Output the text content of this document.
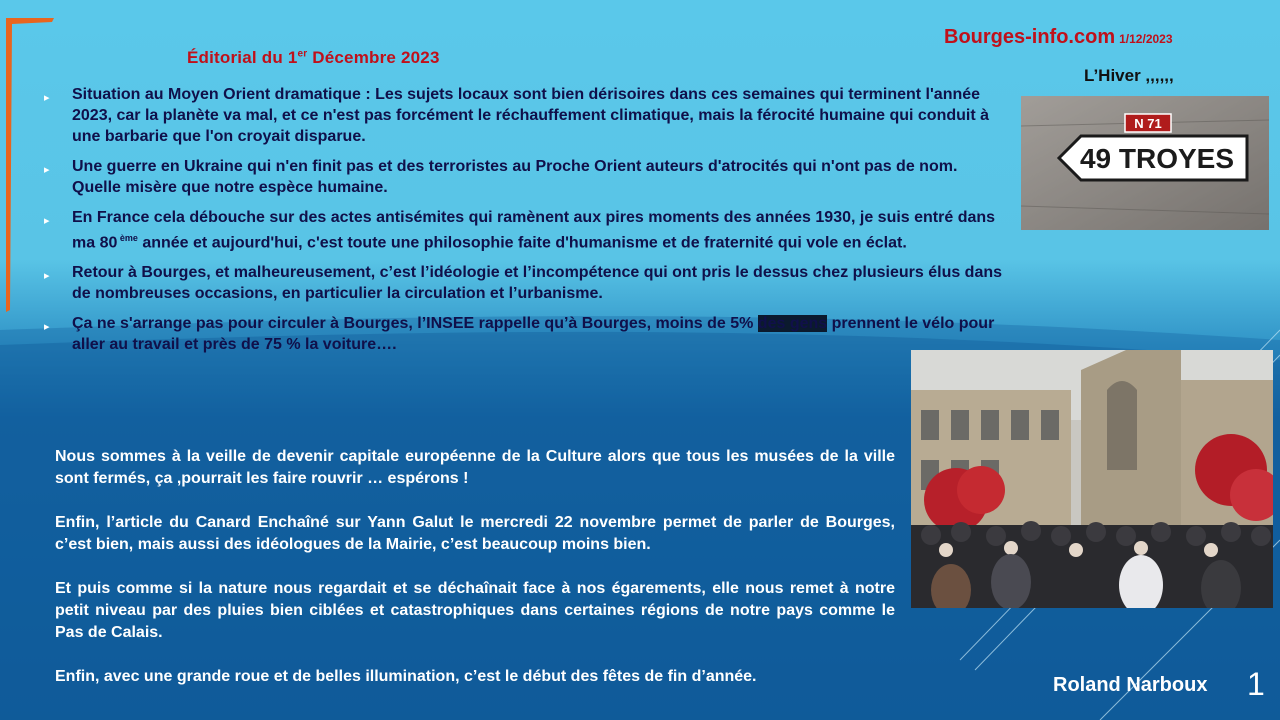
Éditorial du 1er Décembre 2023
Bourges-info.com 1/12/2023
L’Hiver ,,,,,,
▸ Situation au Moyen Orient dramatique : Les sujets locaux sont bien dérisoires dans ces semaines qui terminent l'année 2023, car la planète va mal, et ce n'est pas forcément le réchauffement climatique, mais la férocité humaine qui conduit à une barbarie que l'on croyait disparue.
▸ Une guerre en Ukraine qui n'en finit pas et des terroristes au Proche Orient auteurs d'atrocités qui n'ont pas de nom. Quelle misère que notre espèce humaine.
▸ En France cela débouche sur des actes antisémites qui ramènent aux pires moments des années 1930, je suis entré dans ma 80 $^{ème}$ année et aujourd'hui, c'est toute une philosophie faite d'humanisme et de fraternité qui vole en éclat.
▸ Retour à Bourges, et malheureusement, c’est l’idéologie et l’incompétence qui ont pris le dessus chez plusieurs élus dans de nombreuses occasions, en particulier la circulation et l’urbanisme.
▸ Ça ne s'arrange pas pour circuler à Bourges, l’INSEE rappelle qu’à Bourges, moins de 5% des gens prennent le vélo pour aller au travail et près de 75 % la voiture….

Nous sommes à la veille de devenir capitale européenne de la Culture alors que tous les musées de la ville sont fermés, ça ,pourrait les faire rouvrir … espérons !

Enfin, l’article du Canard Enchaîné sur Yann Galut le mercredi 22 novembre permet de parler de Bourges, c’est bien, mais aussi des idéologues de la Mairie, c’est beaucoup moins bien.

Et puis comme si la nature nous regardait et se déchaînait face à nos égarements, elle nous remet à notre petit niveau par des pluies bien ciblées et catastrophiques dans certaines régions de notre pays comme le Pas de Calais.

Enfin, avec une grande roue et de belles illumination, c’est le début des fêtes de fin d’année.

N 71
49 TROYES
Roland Narboux 1
